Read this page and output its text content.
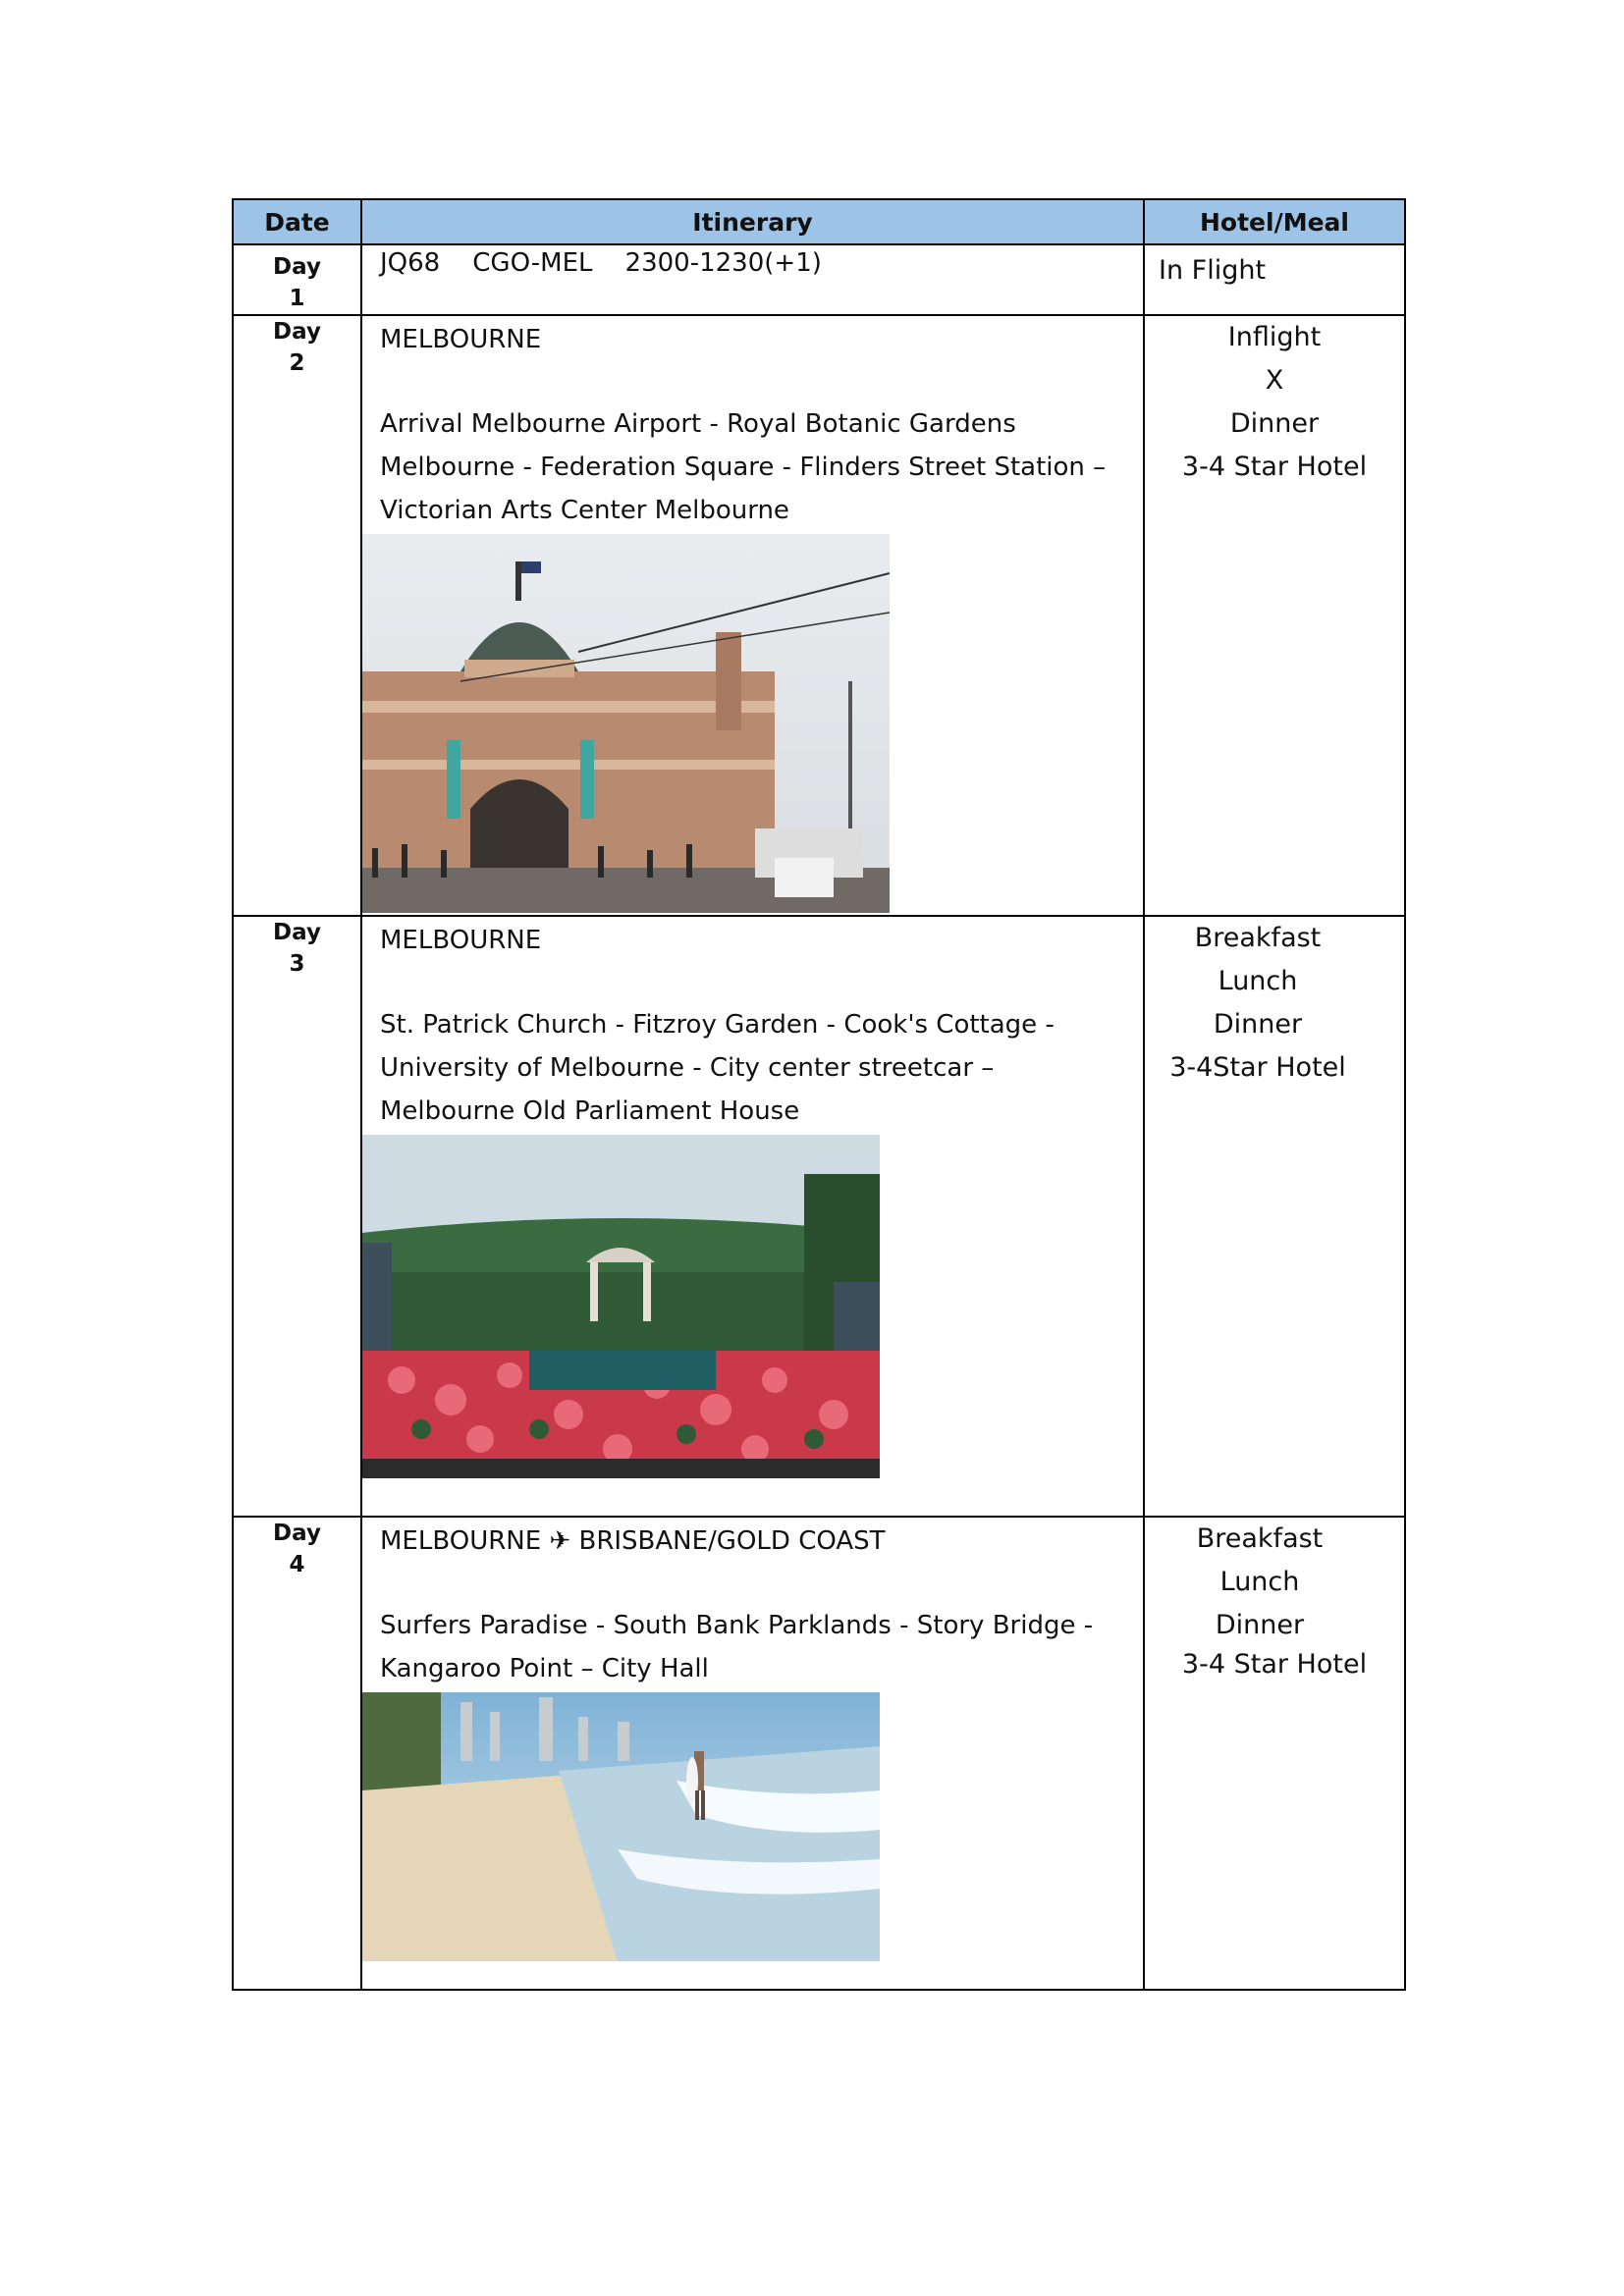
Date	Itinerary	Hotel/Meal
Day
1	JQ68    CGO-MEL    2300-1230(+1)	In Flight

Day
2	MELBOURNE
Arrival Melbourne Airport - Royal Botanic Gardens Melbourne - Federation Square - Flinders Street Station – Victorian Arts Center Melbourne	Inflight
X
Dinner
3-4 Star Hotel

Day
3	MELBOURNE
St. Patrick Church - Fitzroy Garden - Cook's Cottage - University of Melbourne - City center streetcar – Melbourne Old Parliament House	Breakfast
Lunch
Dinner
3-4Star Hotel

Day
4	MELBOURNE ✈ BRISBANE/GOLD COAST
Surfers Paradise - South Bank Parklands - Story Bridge - Kangaroo Point – City Hall	Breakfast
Lunch
Dinner
3-4 Star Hotel
